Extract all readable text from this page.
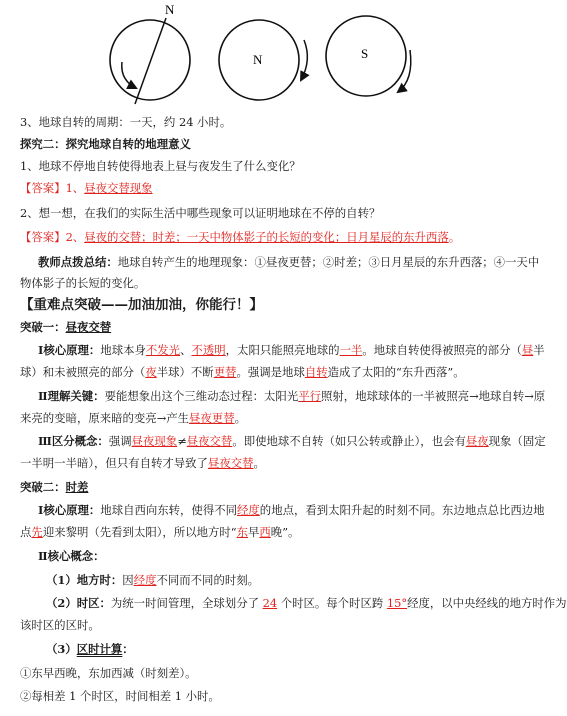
N
N	S
3、地球自转的周期：一天，约 24 小时。
探究二：探究地球自转的地理意义
1、地球不停地自转使得地表上昼与夜发生了什么变化？
【答案】1、昼夜交替现象
2、想一想，在我们的实际生活中哪些现象可以证明地球在不停的自转？
【答案】2、昼夜的交替；时差；一天中物体影子的长短的变化；日月星辰的东升西落。
教师点拨总结：地球自转产生的地理现象：①昼夜更替；②时差；③日月星辰的东升西落；④一天中
物体影子的长短的变化。
【重难点突破——加油加油，你能行！】
突破一：昼夜交替
Ⅰ核心原理：地球本身不发光、不透明，太阳只能照亮地球的一半。地球自转使得被照亮的部分（昼半
球）和未被照亮的部分（夜半球）不断更替。强调是地球自转造成了太阳的“东升西落”。
Ⅱ理解关键：要能想象出这个三维动态过程：太阳光平行照射，地球球体的一半被照亮→地球自转→原
来亮的变暗，原来暗的变亮→产生昼夜更替。
Ⅲ区分概念：强调昼夜现象≠昼夜交替。即使地球不自转（如只公转或静止），也会有昼夜现象（固定
一半明一半暗），但只有自转才导致了昼夜交替。
突破二：时差
Ⅰ核心原理：地球自西向东转，使得不同经度的地点，看到太阳升起的时刻不同。东边地点总比西边地
点先迎来黎明（先看到太阳），所以地方时“东早西晚”。
Ⅱ核心概念：
（1）地方时：因经度不同而不同的时刻。
（2）时区：为统一时间管理，全球划分了 24 个时区。每个时区跨 15°经度，以中央经线的地方时作为
该时区的区时。
（3）区时计算：
①东早西晚，东加西减（时刻差）。
②每相差 1 个时区，时间相差 1 小时。
